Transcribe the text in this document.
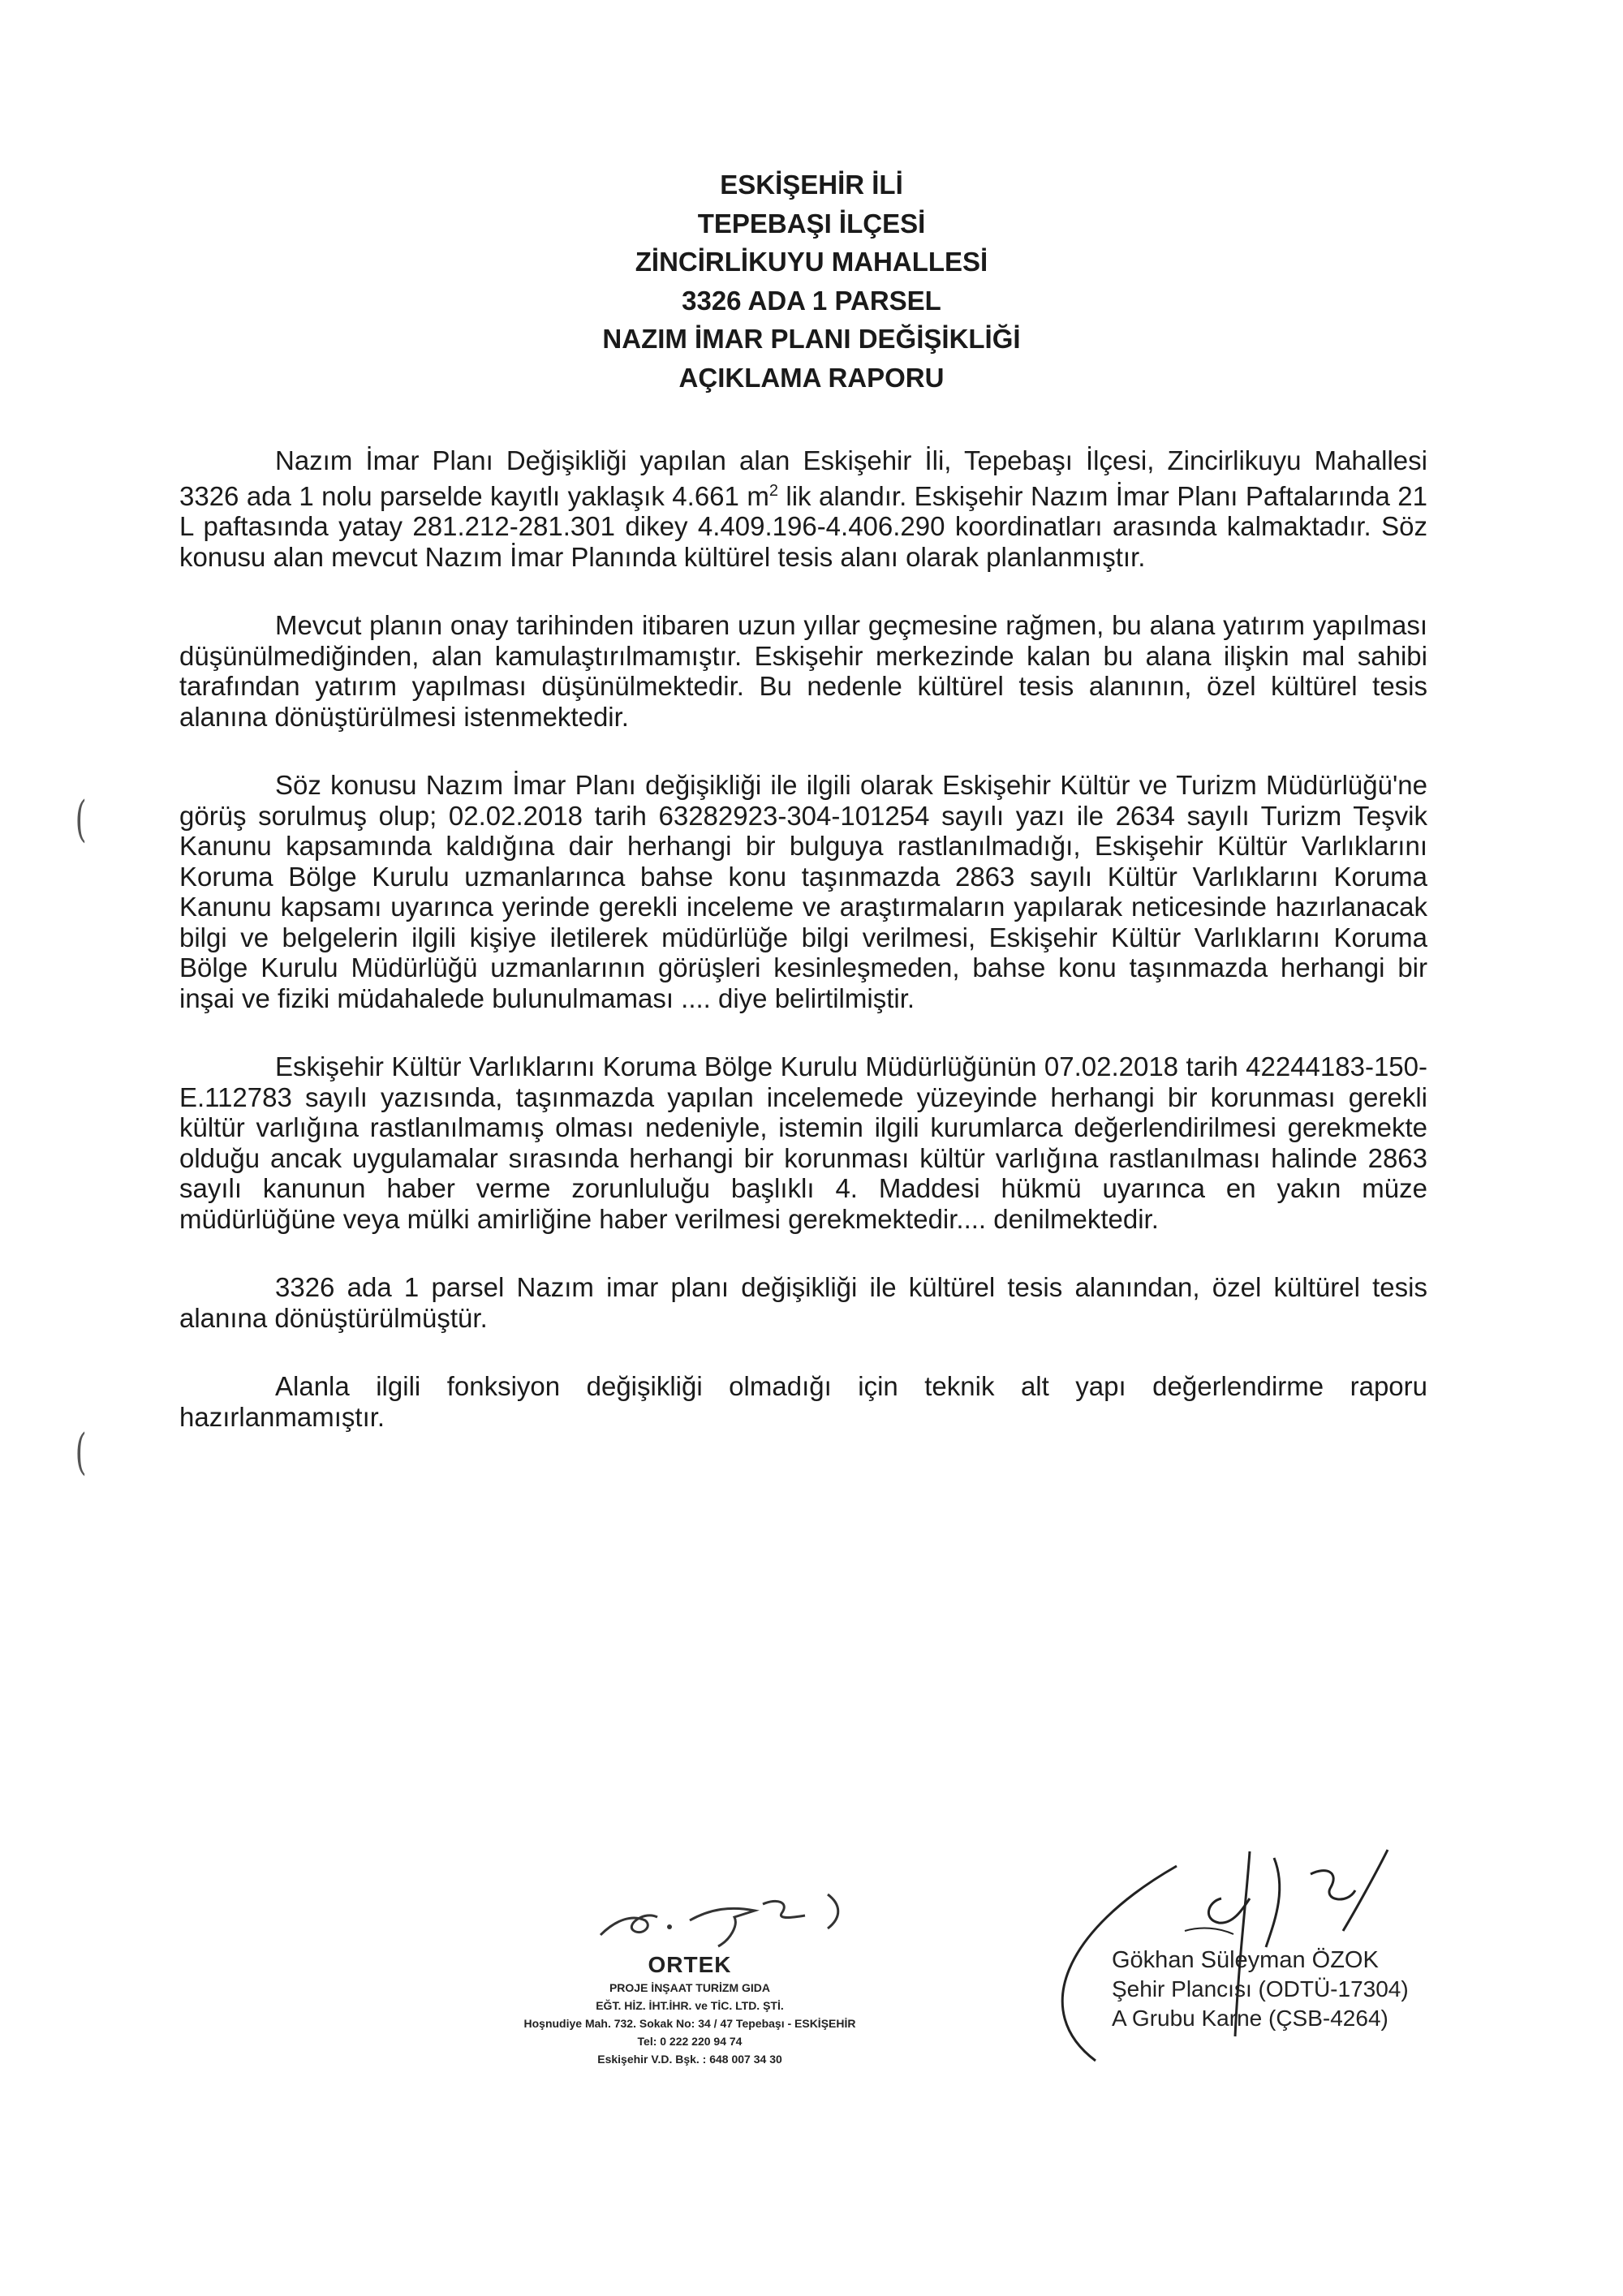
ESKİŞEHİR İLİ
TEPEBAŞI İLÇESİ
ZİNCİRLİKUYU MAHALLESİ
3326 ADA 1 PARSEL
NAZIM İMAR PLANI DEĞİŞİKLİĞİ
AÇIKLAMA RAPORU

Nazım İmar Planı Değişikliği yapılan alan Eskişehir İli, Tepebaşı İlçesi, Zincirlikuyu Mahallesi 3326 ada 1 nolu parselde kayıtlı yaklaşık 4.661 $m^2$ lik alandır. Eskişehir Nazım İmar Planı Paftalarında 21 L paftasında yatay 281.212-281.301 dikey 4.409.196-4.406.290 koordinatları arasında kalmaktadır. Söz konusu alan mevcut Nazım İmar Planında kültürel tesis alanı olarak planlanmıştır.

Mevcut planın onay tarihinden itibaren uzun yıllar geçmesine rağmen, bu alana yatırım yapılması düşünülmediğinden, alan kamulaştırılmamıştır. Eskişehir merkezinde kalan bu alana ilişkin mal sahibi tarafından yatırım yapılması düşünülmektedir. Bu nedenle kültürel tesis alanının, özel kültürel tesis alanına dönüştürülmesi istenmektedir.

Söz konusu Nazım İmar Planı değişikliği ile ilgili olarak Eskişehir Kültür ve Turizm Müdürlüğü'ne görüş sorulmuş olup; 02.02.2018 tarih 63282923-304-101254 sayılı yazı ile 2634 sayılı Turizm Teşvik Kanunu kapsamında kaldığına dair herhangi bir bulguya rastlanılmadığı, Eskişehir Kültür Varlıklarını Koruma Bölge Kurulu uzmanlarınca bahse konu taşınmazda 2863 sayılı Kültür Varlıklarını Koruma Kanunu kapsamı uyarınca yerinde gerekli inceleme ve araştırmaların yapılarak neticesinde hazırlanacak bilgi ve belgelerin ilgili kişiye iletilerek müdürlüğe bilgi verilmesi, Eskişehir Kültür Varlıklarını Koruma Bölge Kurulu Müdürlüğü uzmanlarının görüşleri kesinleşmeden, bahse konu taşınmazda herhangi bir inşai ve fiziki müdahalede bulunulmaması .... diye belirtilmiştir.

Eskişehir Kültür Varlıklarını Koruma Bölge Kurulu Müdürlüğünün 07.02.2018 tarih 42244183-150-E.112783 sayılı yazısında, taşınmazda yapılan incelemede yüzeyinde herhangi bir korunması gerekli kültür varlığına rastlanılmamış olması nedeniyle, istemin ilgili kurumlarca değerlendirilmesi gerekmekte olduğu ancak uygulamalar sırasında herhangi bir korunması kültür varlığına rastlanılması halinde 2863 sayılı kanunun haber verme zorunluluğu başlıklı 4. Maddesi hükmü uyarınca en yakın müze müdürlüğüne veya mülki amirliğine haber verilmesi gerekmektedir.... denilmektedir.

3326 ada 1 parsel Nazım imar planı değişikliği ile kültürel tesis alanından, özel kültürel tesis alanına dönüştürülmüştür.

Alanla ilgili fonksiyon değişikliği olmadığı için teknik alt yapı değerlendirme raporu hazırlanmamıştır.

(
(
ORTEK
PROJE İNŞAAT TURİZM GIDA
EĞT. HİZ. İHT.İHR. ve TİC. LTD. ŞTİ.
Hoşnudiye Mah. 732. Sokak No: 34 / 47 Tepebaşı - ESKİŞEHİR
Tel: 0 222 220 94 74
Eskişehir V.D. Bşk. : 648 007 34 30
Gökhan Süleyman ÖZOK
Şehir Plancısı (ODTÜ-17304)
A Grubu Karne (ÇSB-4264)
